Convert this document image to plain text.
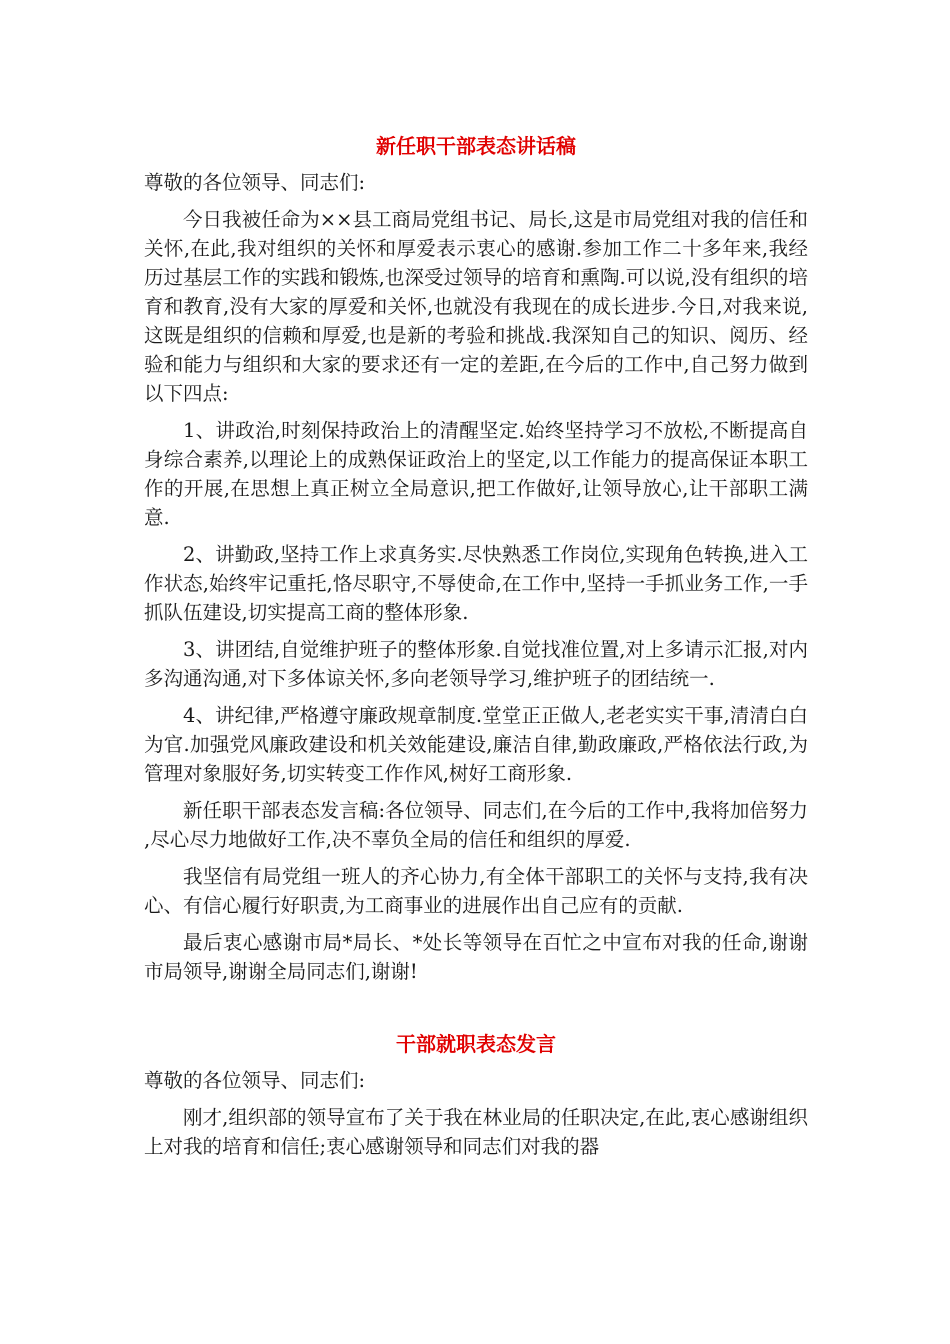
新任职干部表态讲话稿

尊敬的各位领导、同志们:

今日我被任命为××县工商局党组书记、局长,这是市局党组对我的信任和关怀,在此,我对组织的关怀和厚爱表示衷心的感谢.参加工作二十多年来,我经历过基层工作的实践和锻炼,也深受过领导的培育和熏陶.可以说,没有组织的培育和教育,没有大家的厚爱和关怀,也就没有我现在的成长进步.今日,对我来说,这既是组织的信赖和厚爱,也是新的考验和挑战.我深知自己的知识、阅历、经验和能力与组织和大家的要求还有一定的差距,在今后的工作中,自己努力做到以下四点:

1、讲政治,时刻保持政治上的清醒坚定.始终坚持学习不放松,不断提高自身综合素养,以理论上的成熟保证政治上的坚定,以工作能力的提高保证本职工作的开展,在思想上真正树立全局意识,把工作做好,让领导放心,让干部职工满意.

2、讲勤政,坚持工作上求真务实.尽快熟悉工作岗位,实现角色转换,进入工作状态,始终牢记重托,恪尽职守,不辱使命,在工作中,坚持一手抓业务工作,一手抓队伍建设,切实提高工商的整体形象.

3、讲团结,自觉维护班子的整体形象.自觉找准位置,对上多请示汇报,对内多沟通沟通,对下多体谅关怀,多向老领导学习,维护班子的团结统一.

4、讲纪律,严格遵守廉政规章制度.堂堂正正做人,老老实实干事,清清白白为官.加强党风廉政建设和机关效能建设,廉洁自律,勤政廉政,严格依法行政,为管理对象服好务,切实转变工作作风,树好工商形象.

新任职干部表态发言稿:各位领导、同志们,在今后的工作中,我将加倍努力,尽心尽力地做好工作,决不辜负全局的信任和组织的厚爱.

我坚信有局党组一班人的齐心协力,有全体干部职工的关怀与支持,我有决心、有信心履行好职责,为工商事业的进展作出自己应有的贡献.

最后衷心感谢市局*局长、*处长等领导在百忙之中宣布对我的任命,谢谢市局领导,谢谢全局同志们,谢谢!

干部就职表态发言

尊敬的各位领导、同志们:

刚才,组织部的领导宣布了关于我在林业局的任职决定,在此,衷心感谢组织上对我的培育和信任;衷心感谢领导和同志们对我的器
